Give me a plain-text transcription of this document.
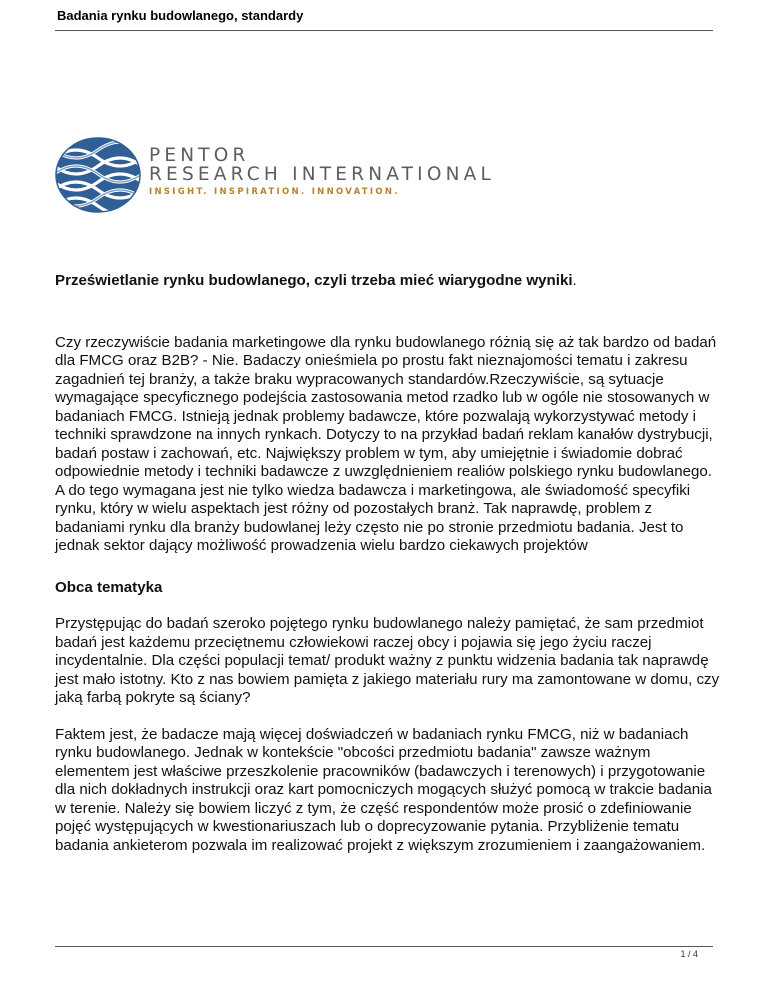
Badania rynku budowlanego, standardy
PENTOR
RESEARCH INTERNATIONAL
INSIGHT. INSPIRATION. INNOVATION.

Prześwietlanie rynku budowlanego, czyli trzeba mieć wiarygodne wyniki.

Czy rzeczywiście badania marketingowe dla rynku budowlanego różnią się aż tak bardzo od badań dla FMCG oraz B2B? - Nie. Badaczy onieśmiela po prostu fakt nieznajomości tematu i zakresu zagadnień tej branży, a także braku wypracowanych standardów.Rzeczywiście, są sytuacje wymagające specyficznego podejścia zastosowania metod rzadko lub w ogóle nie stosowanych w badaniach FMCG. Istnieją jednak problemy badawcze, które pozwalają wykorzystywać metody i techniki sprawdzone na innych rynkach. Dotyczy to na przykład badań reklam kanałów dystrybucji, badań postaw i zachowań, etc. Największy problem w tym, aby umiejętnie i świadomie dobrać odpowiednie metody i techniki badawcze z uwzględnieniem realiów polskiego rynku budowlanego. A do tego wymagana jest nie tylko wiedza badawcza i marketingowa, ale świadomość specyfiki rynku, który w wielu aspektach jest różny od pozostałych branż. Tak naprawdę, problem z badaniami rynku dla branży budowlanej leży często nie po stronie przedmiotu badania. Jest to jednak sektor dający możliwość prowadzenia wielu bardzo ciekawych projektów

Obca tematyka

Przystępując do badań szeroko pojętego rynku budowlanego należy pamiętać, że sam przedmiot badań jest każdemu przeciętnemu człowiekowi raczej obcy i pojawia się jego życiu raczej incydentalnie. Dla części populacji temat/ produkt ważny z punktu widzenia badania tak naprawdę jest mało istotny. Kto z nas bowiem pamięta z jakiego materiału rury ma zamontowane w domu, czy jaką farbą pokryte są ściany?

Faktem jest, że badacze mają więcej doświadczeń w badaniach rynku FMCG, niż w badaniach rynku budowlanego. Jednak w kontekście "obcości przedmiotu badania" zawsze ważnym elementem jest właściwe przeszkolenie pracowników (badawczych i terenowych) i przygotowanie dla nich dokładnych instrukcji oraz kart pomocniczych mogących służyć pomocą w trakcie badania w terenie. Należy się bowiem liczyć z tym, że część respondentów może prosić o zdefiniowanie pojęć występujących w kwestionariuszach lub o doprecyzowanie pytania. Przybliżenie tematu badania ankieterom pozwala im realizować projekt z większym zrozumieniem i zaangażowaniem.

1 / 4
